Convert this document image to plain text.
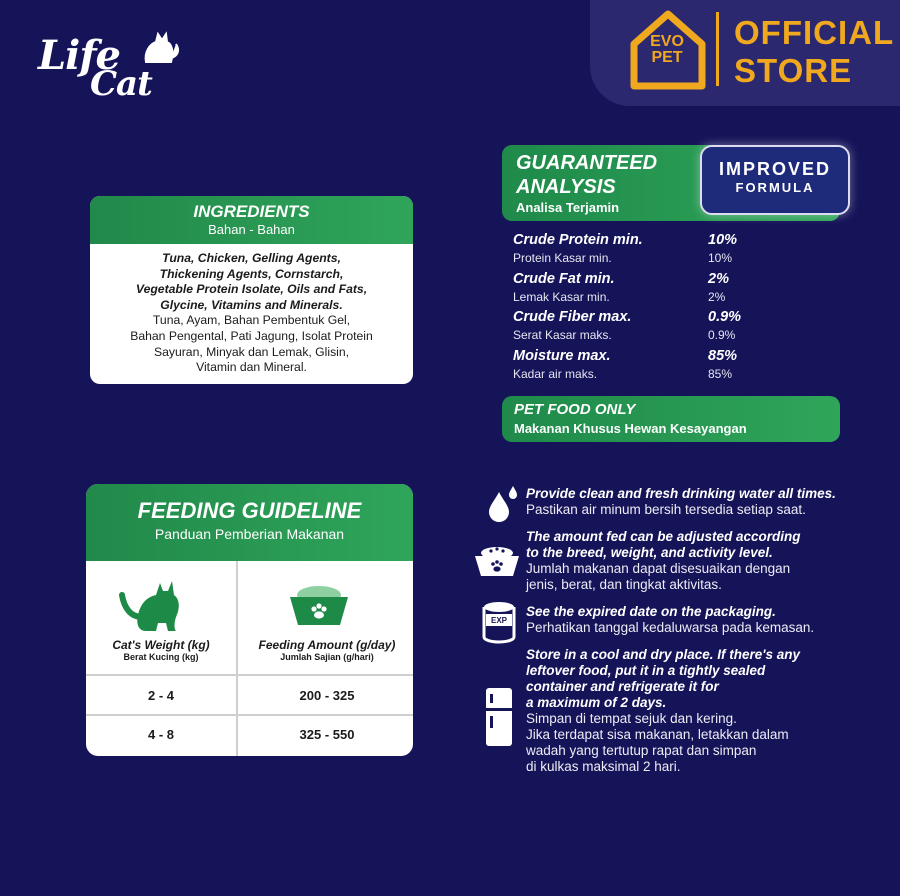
Life
Cat
EVO
PET
OFFICIAL
STORE
INGREDIENTS
Bahan - Bahan
Tuna, Chicken, Gelling Agents,
Thickening Agents, Cornstarch,
Vegetable Protein Isolate, Oils and Fats,
Glycine, Vitamins and Minerals.
Tuna, Ayam, Bahan Pembentuk Gel,
Bahan Pengental, Pati Jagung, Isolat Protein
Sayuran, Minyak dan Lemak, Glisin,
Vitamin dan Mineral.
GUARANTEED
ANALYSIS
Analisa Terjamin
IMPROVED
FORMULA
Crude Protein min.	10%
Protein Kasar min.	10%
Crude Fat min.	2%
Lemak Kasar min.	2%
Crude Fiber max.	0.9%
Serat Kasar maks.	0.9%
Moisture max.	85%
Kadar air maks.	85%
PET FOOD ONLY
Makanan Khusus Hewan Kesayangan
FEEDING GUIDELINE
Panduan Pemberian Makanan
Cat's Weight (kg)
Berat Kucing (kg)
Feeding Amount (g/day)
Jumlah Sajian (g/hari)
2 - 4	200 - 325
4 - 8	325 - 550
Provide clean and fresh drinking water all times.
Pastikan air minum bersih tersedia setiap saat.
The amount fed can be adjusted according
to the breed, weight, and activity level.
Jumlah makanan dapat disesuaikan dengan
jenis, berat, dan tingkat aktivitas.
EXP
See the expired date on the packaging.
Perhatikan tanggal kedaluwarsa pada kemasan.
Store in a cool and dry place. If there's any
leftover food, put it in a tightly sealed
container and refrigerate it for
a maximum of 2 days.
Simpan di tempat sejuk dan kering.
Jika terdapat sisa makanan, letakkan dalam
wadah yang tertutup rapat dan simpan
di kulkas maksimal 2 hari.
